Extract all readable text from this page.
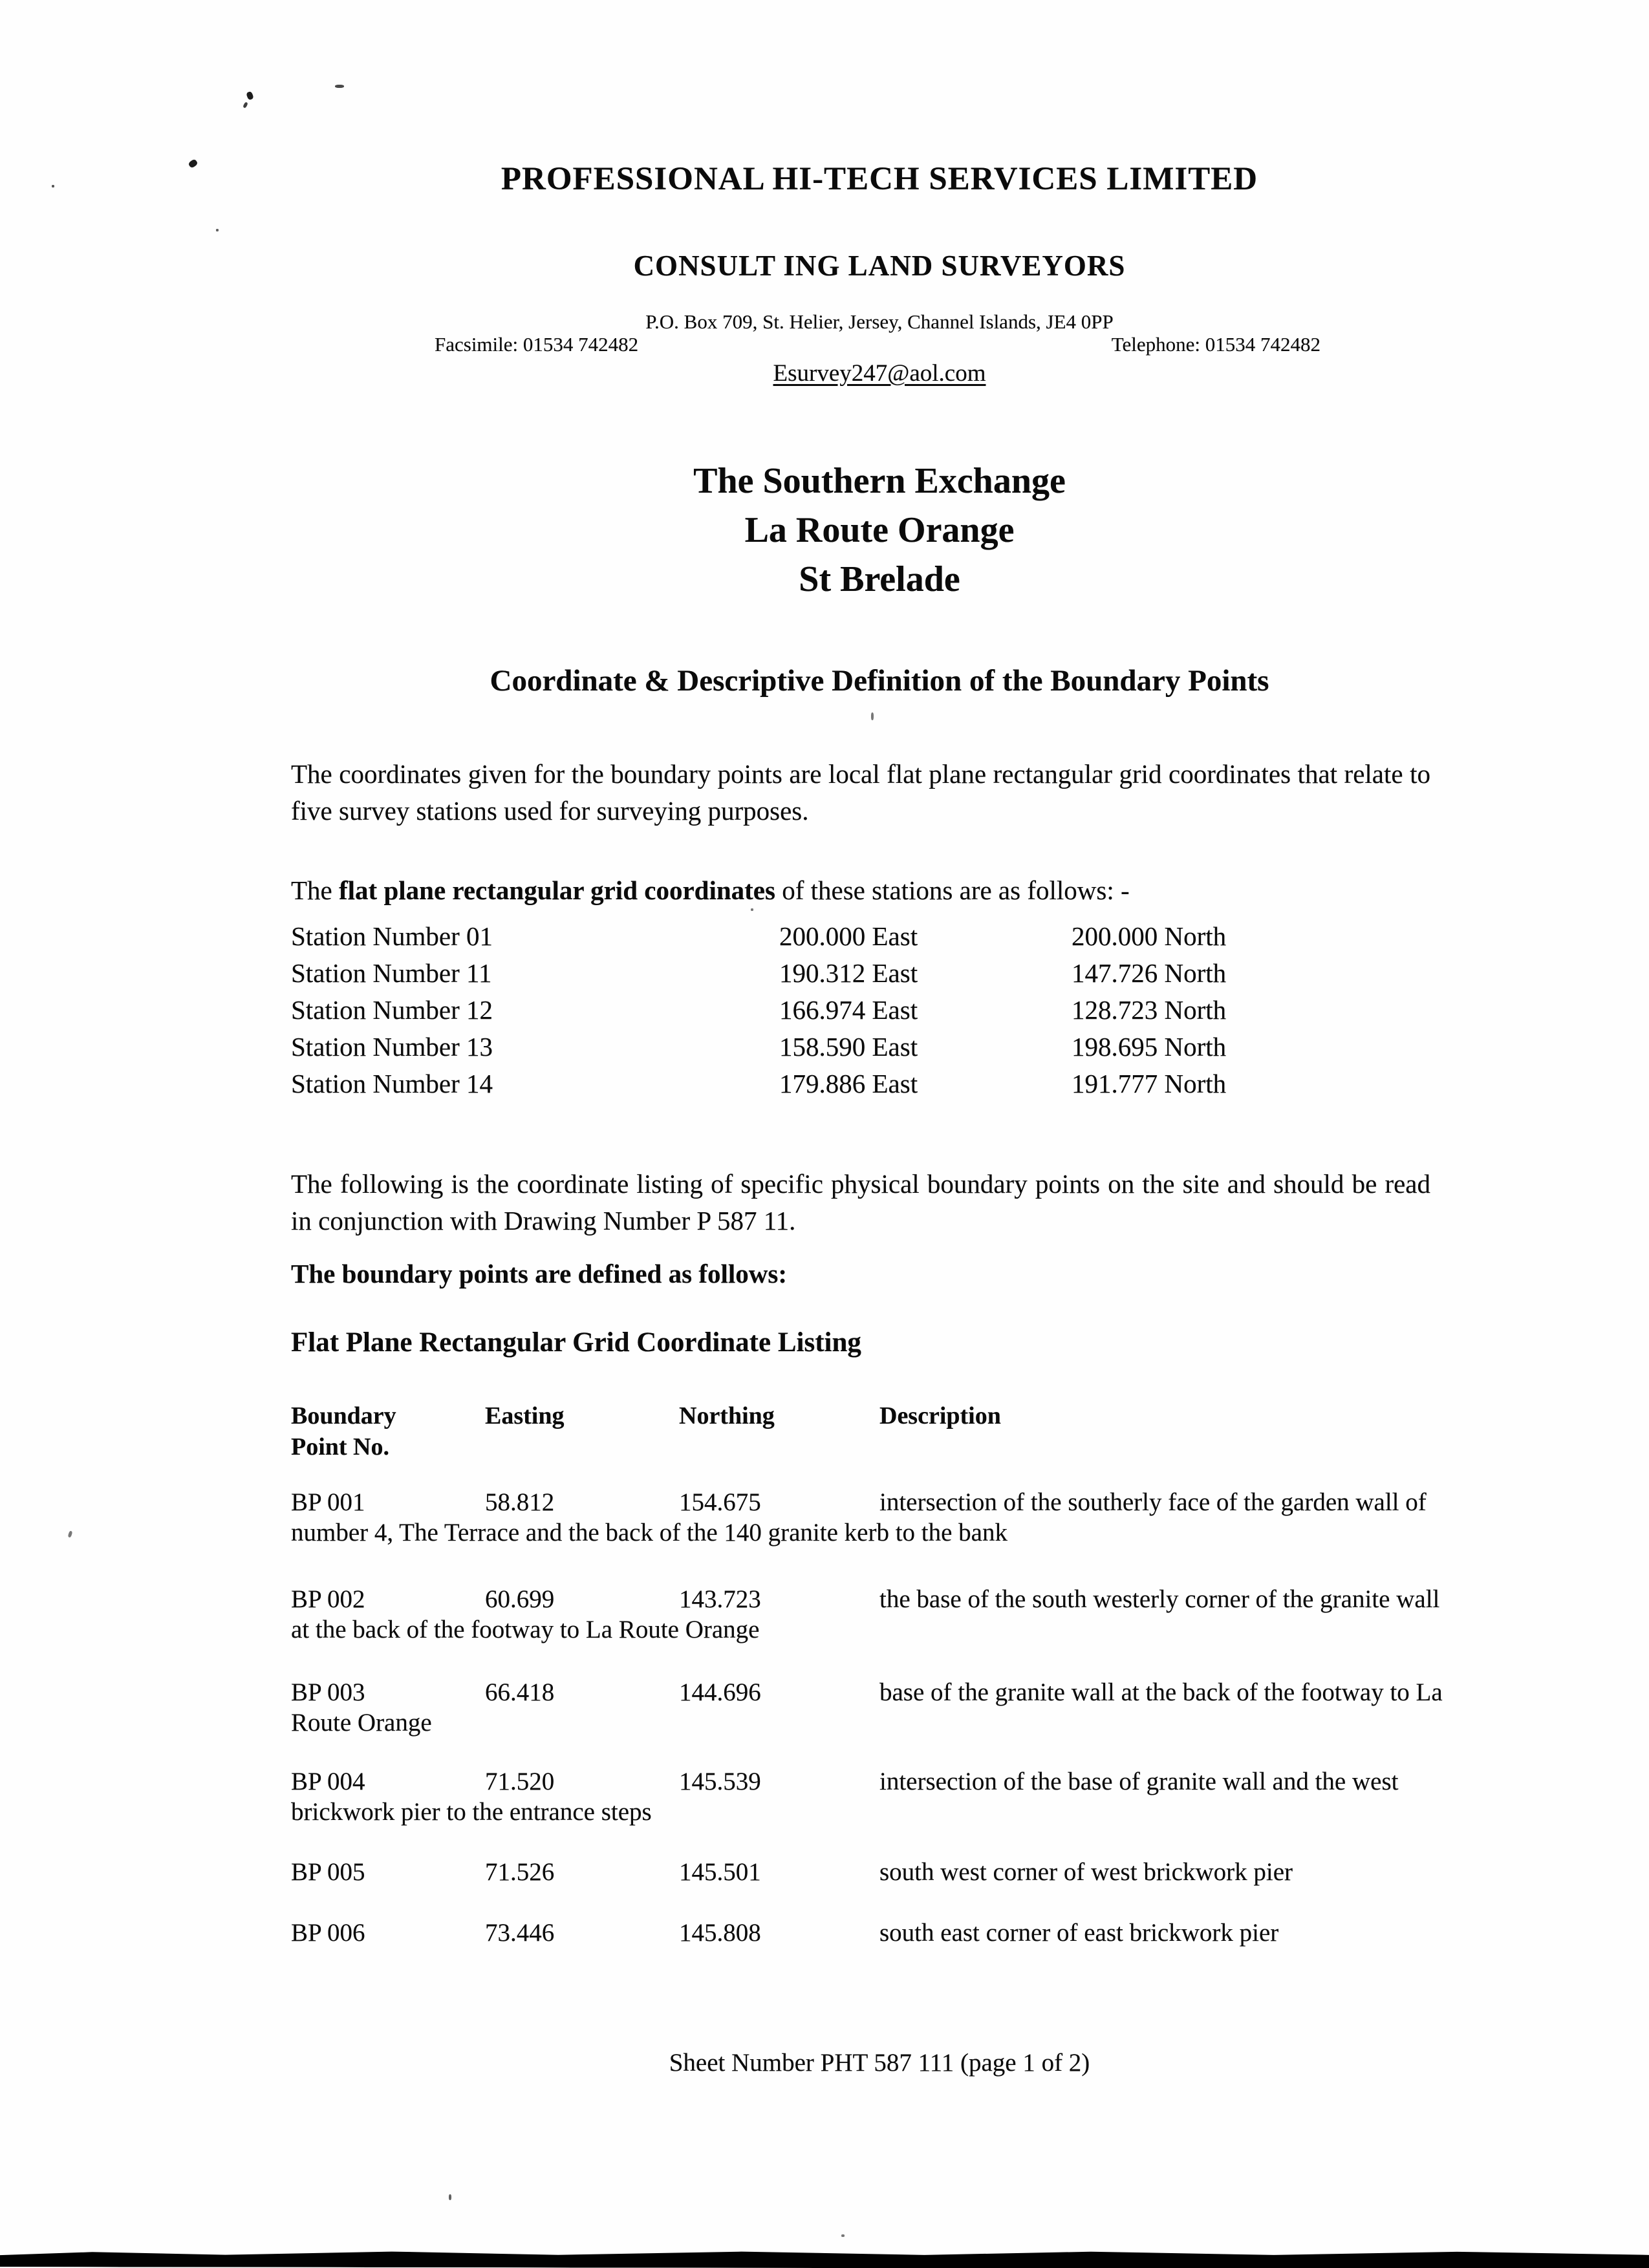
PROFESSIONAL HI-TECH SERVICES LIMITED
CONSULT ING LAND SURVEYORS
P.O. Box 709, St. Helier, Jersey, Channel Islands, JE4 0PP
Facsimile: 01534 742482	Telephone: 01534 742482
Esurvey247@aol.com
The Southern Exchange
La Route Orange
St Brelade
Coordinate & Descriptive Definition of the Boundary Points

The coordinates given for the boundary points are local flat plane rectangular grid coordinates that relate to five survey stations used for surveying purposes.

The flat plane rectangular grid coordinates of these stations are as follows: -

Station Number 01	200.000 East	200.000 North
Station Number 11	190.312 East	147.726 North
Station Number 12	166.974 East	128.723 North
Station Number 13	158.590 East	198.695 North
Station Number 14	179.886 East	191.777 North

The following is the coordinate listing of specific physical boundary points on the site and should be read in conjunction with Drawing Number P 587 11.

The boundary points are defined as follows:
Flat Plane Rectangular Grid Coordinate Listing
Boundary	Easting	Northing	Description
Point No.
BP 001	58.812	154.675	intersection of the southerly face of the garden wall of number 4, The Terrace and the back of the 140 granite kerb to the bank
BP 002	60.699	143.723	the base of the south westerly corner of the granite wall at the back of the footway to La Route Orange
BP 003	66.418	144.696	base of the granite wall at the back of the footway to La Route Orange
BP 004	71.520	145.539	intersection of the base of granite wall and the west brickwork pier to the entrance steps
BP 005	71.526	145.501	south west corner of west brickwork pier
BP 006	73.446	145.808	south east corner of east brickwork pier
Sheet Number PHT 587 111 (page 1 of 2)
